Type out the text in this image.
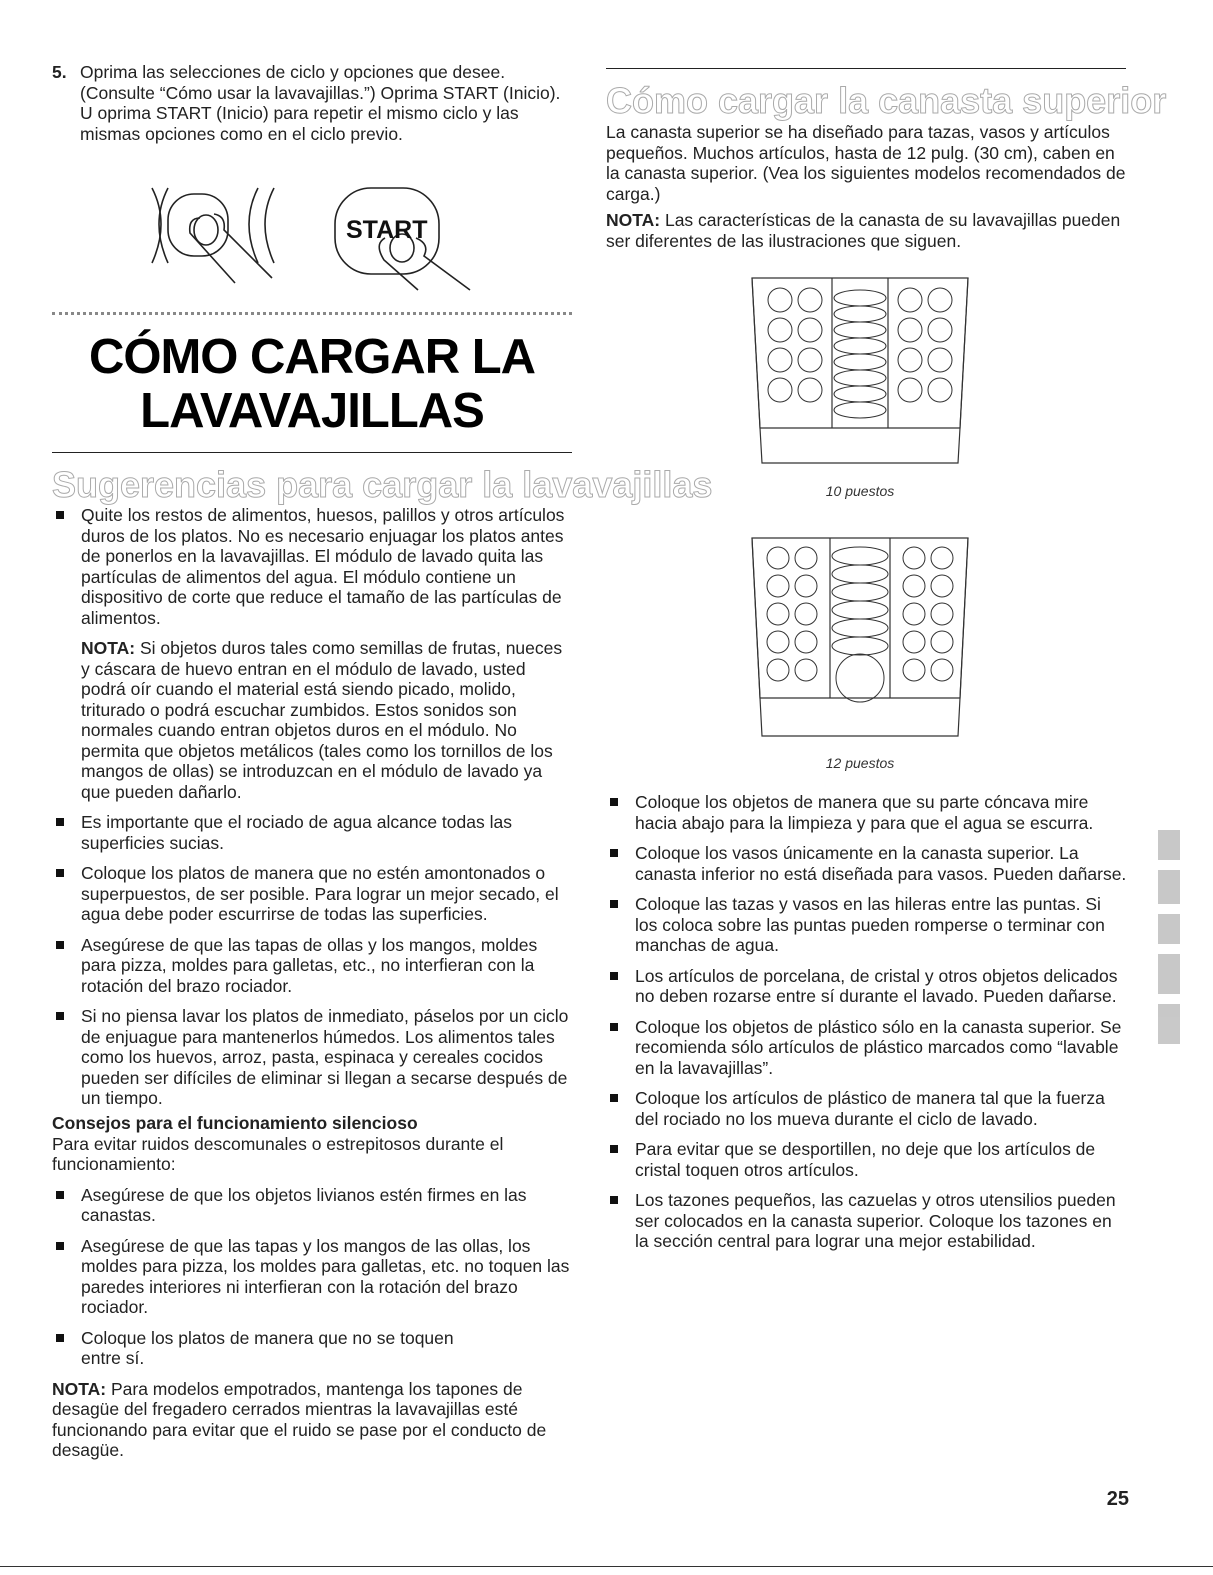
5. Oprima las selecciones de ciclo y opciones que desee. (Consulte “Cómo usar la lavavajillas.”) Oprima START (Inicio). U oprima START (Inicio) para repetir el mismo ciclo y las mismas opciones como en el ciclo previo.

START
CÓMO CARGAR LA
LAVAVAJILLAS
Sugerencias para cargar la lavavajillas
Quite los restos de alimentos, huesos, palillos y otros artículos duros de los platos. No es necesario enjuagar los platos antes de ponerlos en la lavavajillas. El módulo de lavado quita las partículas de alimentos del agua. El módulo contiene un dispositivo de corte que reduce el tamaño de las partículas de alimentos.

NOTA: Si objetos duros tales como semillas de frutas, nueces y cáscara de huevo entran en el módulo de lavado, usted podrá oír cuando el material está siendo picado, molido, triturado o podrá escuchar zumbidos. Estos sonidos son normales cuando entran objetos duros en el módulo. No permita que objetos metálicos (tales como los tornillos de los mangos de ollas) se introduzcan en el módulo de lavado ya que pueden dañarlo.

Es importante que el rociado de agua alcance todas las superficies sucias.
Coloque los platos de manera que no estén amontonados o superpuestos, de ser posible. Para lograr un mejor secado, el agua debe poder escurrirse de todas las superficies.
Asegúrese de que las tapas de ollas y los mangos, moldes para pizza, moldes para galletas, etc., no interfieran con la rotación del brazo rociador.
Si no piensa lavar los platos de inmediato, páselos por un ciclo de enjuague para mantenerlos húmedos. Los alimentos tales como los huevos, arroz, pasta, espinaca y cereales cocidos pueden ser difíciles de eliminar si llegan a secarse después de un tiempo.
Consejos para el funcionamiento silencioso

Para evitar ruidos descomunales o estrepitosos durante el funcionamiento:

Asegúrese de que los objetos livianos estén firmes en las canastas.
Asegúrese de que las tapas y los mangos de las ollas, los moldes para pizza, los moldes para galletas, etc. no toquen las paredes interiores ni interfieran con la rotación del brazo rociador.
Coloque los platos de manera que no se toquen entre sí.

NOTA: Para modelos empotrados, mantenga los tapones de desagüe del fregadero cerrados mientras la lavavajillas esté funcionando para evitar que el ruido se pase por el conducto de desagüe.

Cómo cargar la canasta superior

La canasta superior se ha diseñado para tazas, vasos y artículos pequeños. Muchos artículos, hasta de 12 pulg. (30 cm), caben en la canasta superior. (Vea los siguientes modelos recomendados de carga.)

NOTA: Las características de la canasta de su lavavajillas pueden ser diferentes de las ilustraciones que siguen.

10 puestos
12 puestos
Coloque los objetos de manera que su parte cóncava mire hacia abajo para la limpieza y para que el agua se escurra.
Coloque los vasos únicamente en la canasta superior. La canasta inferior no está diseñada para vasos. Pueden dañarse.
Coloque las tazas y vasos en las hileras entre las puntas. Si los coloca sobre las puntas pueden romperse o terminar con manchas de agua.
Los artículos de porcelana, de cristal y otros objetos delicados no deben rozarse entre sí durante el lavado. Pueden dañarse.
Coloque los objetos de plástico sólo en la canasta superior. Se recomienda sólo artículos de plástico marcados como “lavable en la lavavajillas”.
Coloque los artículos de plástico de manera tal que la fuerza del rociado no los mueva durante el ciclo de lavado.
Para evitar que se desportillen, no deje que los artículos de cristal toquen otros artículos.
Los tazones pequeños, las cazuelas y otros utensilios pueden ser colocados en la canasta superior. Coloque los tazones en la sección central para lograr una mejor estabilidad.
25
